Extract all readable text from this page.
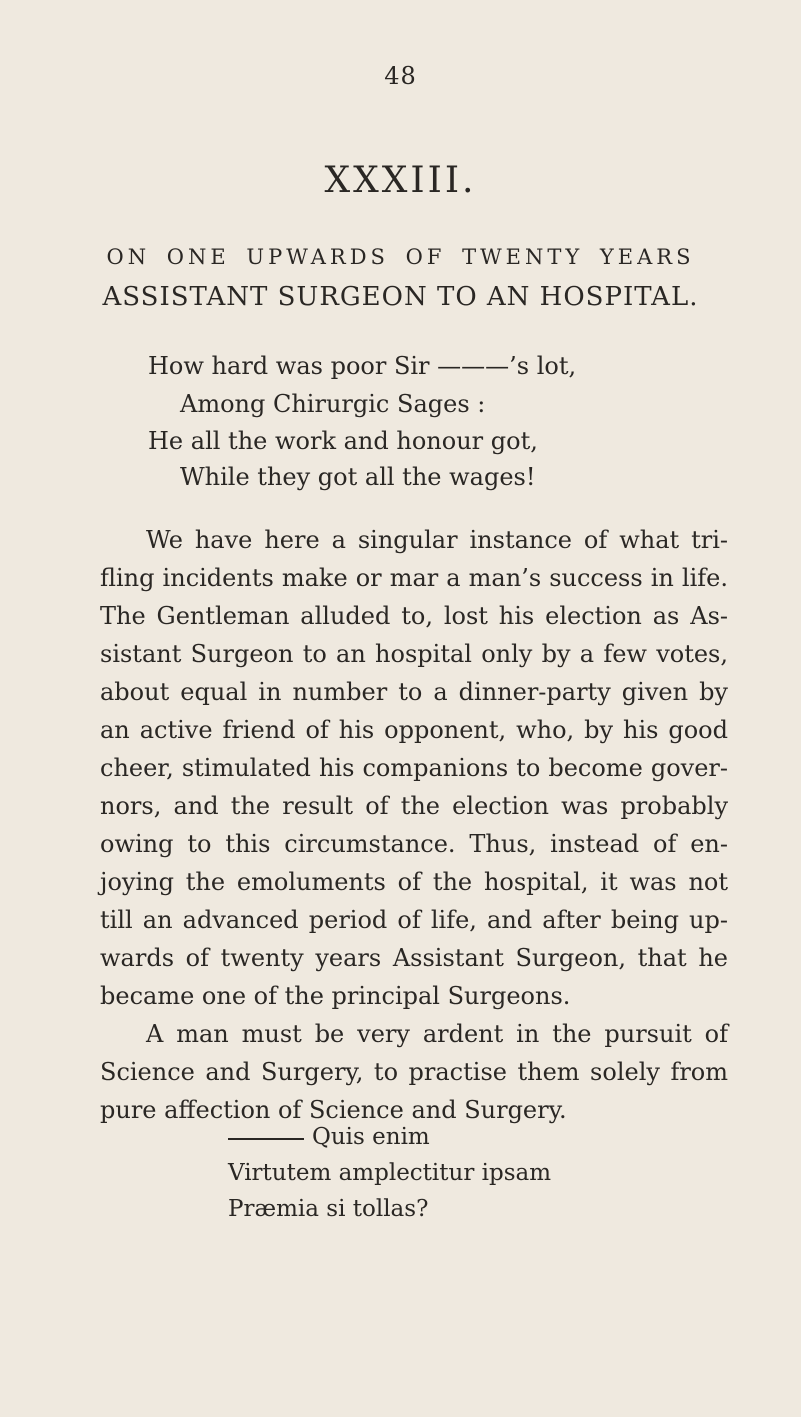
48
XXXIII.
ON ONE UPWARDS OF TWENTY YEARS
ASSISTANT SURGEON TO AN HOSPITAL.
How hard was poor Sir ———’s lot,
Among Chirurgic Sages :
He all the work and honour got,
While they got all the wages!
We have here a singular instance of what tri-
fling incidents make or mar a man’s success in life.
The Gentleman alluded to, lost his election as As-
sistant Surgeon to an hospital only by a few votes,
about equal in number to a dinner-party given by
an active friend of his opponent, who, by his good
cheer, stimulated his companions to become gover-
nors, and the result of the election was probably
owing to this circumstance. Thus, instead of en-
joying the emoluments of the hospital, it was not
till an advanced period of life, and after being up-
wards of twenty years Assistant Surgeon, that he
became one of the principal Surgeons.
A man must be very ardent in the pursuit of
Science and Surgery, to practise them solely from
pure affection of Science and Surgery.
Quis enim
Virtutem amplectitur ipsam
Præmia si tollas?
